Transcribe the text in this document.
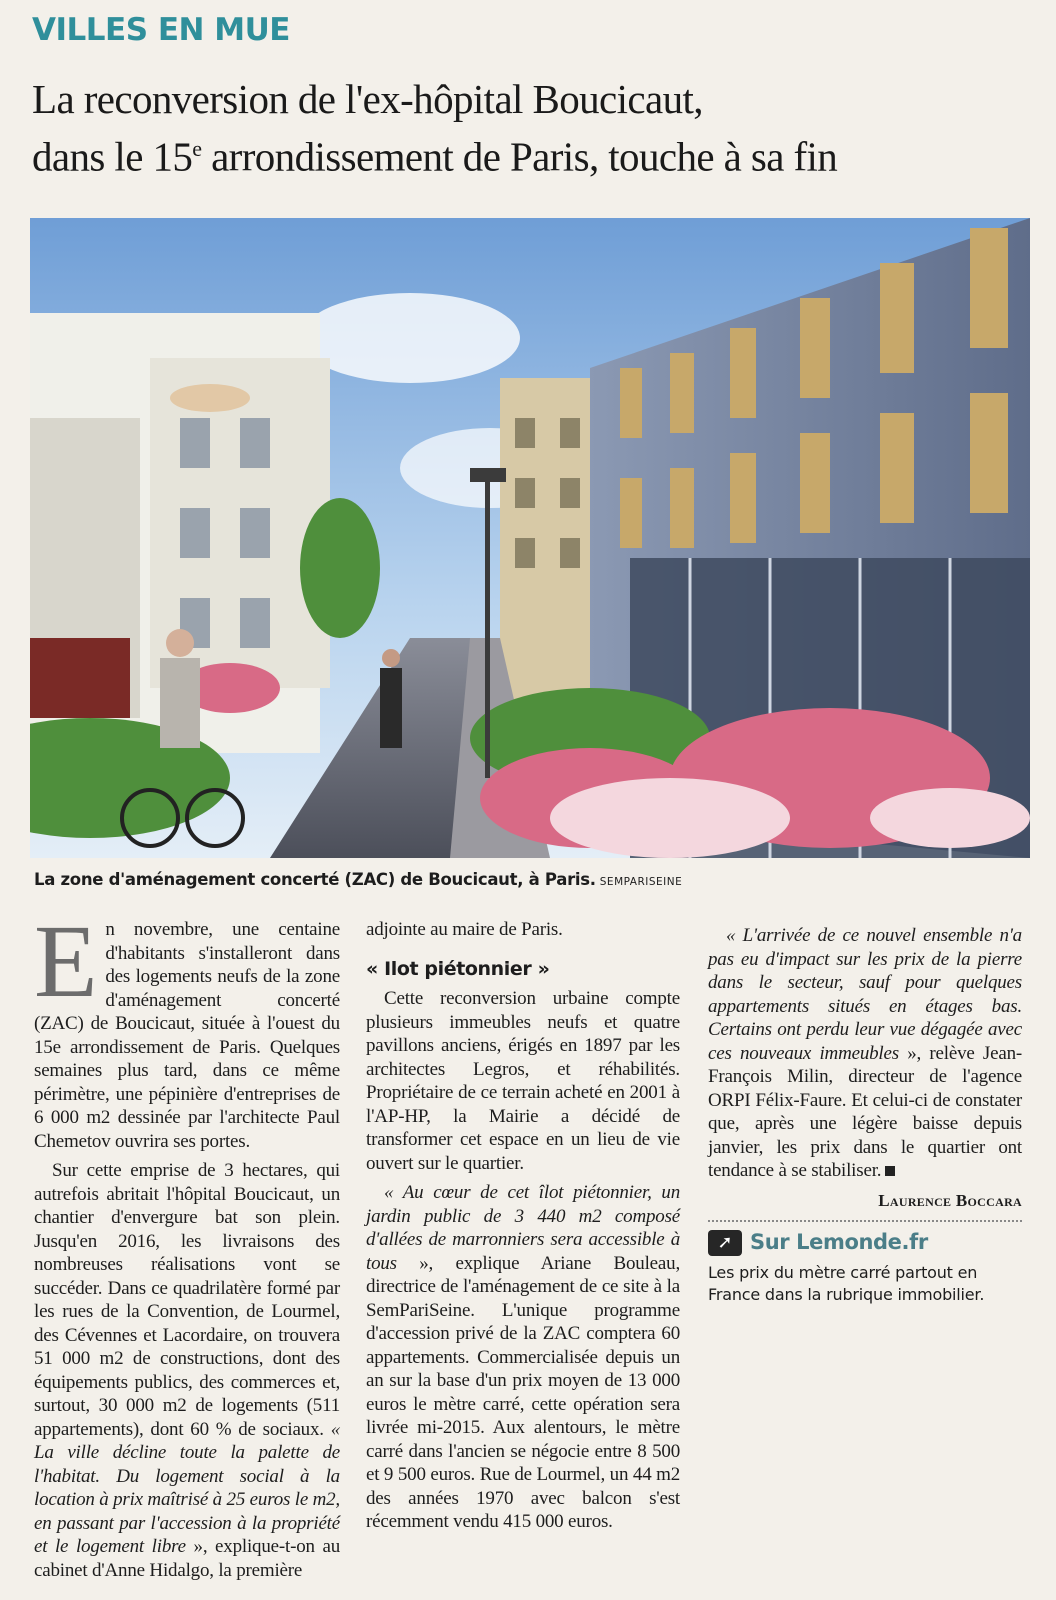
VILLES EN MUE
La reconversion de l'ex-hôpital Boucicaut,
dans le 15e arrondissement de Paris, touche à sa fin
La zone d'aménagement concerté (ZAC) de Boucicaut, à Paris. SEMPARISEINE

En novembre, une centaine d'habitants s'installeront dans des logements neufs de la zone d'aménagement concerté (ZAC) de Boucicaut, située à l'ouest du 15e arrondissement de Paris. Quelques semaines plus tard, dans ce même périmètre, une pépinière d'entreprises de 6 000 m2 dessinée par l'architecte Paul Chemetov ouvrira ses portes.

Sur cette emprise de 3 hectares, qui autrefois abritait l'hôpital Boucicaut, un chantier d'envergure bat son plein. Jusqu'en 2016, les livraisons des nombreuses réalisations vont se succéder. Dans ce quadrilatère formé par les rues de la Convention, de Lourmel, des Cévennes et Lacordaire, on trouvera 51 000 m2 de constructions, dont des équipements publics, des commerces et, surtout, 30 000 m2 de logements (511 appartements), dont 60 % de sociaux. « La ville décline toute la palette de l'habitat. Du logement social à la location à prix maîtrisé à 25 euros le m2, en passant par l'accession à la propriété et le logement libre », explique-t-on au cabinet d'Anne Hidalgo, la première

adjointe au maire de Paris.

« Ilot piétonnier »

Cette reconversion urbaine compte plusieurs immeubles neufs et quatre pavillons anciens, érigés en 1897 par les architectes Legros, et réhabilités. Propriétaire de ce terrain acheté en 2001 à l'AP-HP, la Mairie a décidé de transformer cet espace en un lieu de vie ouvert sur le quartier.

« Au cœur de cet îlot piétonnier, un jardin public de 3 440 m2 composé d'allées de marronniers sera accessible à tous », explique Ariane Bouleau, directrice de l'aménagement de ce site à la SemPariSeine. L'unique programme d'accession privé de la ZAC comptera 60 appartements. Commercialisée depuis un an sur la base d'un prix moyen de 13 000 euros le mètre carré, cette opération sera livrée mi-2015. Aux alentours, le mètre carré dans l'ancien se négocie entre 8 500 et 9 500 euros. Rue de Lourmel, un 44 m2 des années 1970 avec balcon s'est récemment vendu 415 000 euros.

« L'arrivée de ce nouvel ensemble n'a pas eu d'impact sur les prix de la pierre dans le secteur, sauf pour quelques appartements situés en étages bas. Certains ont perdu leur vue dégagée avec ces nouveaux immeubles », relève Jean-François Milin, directeur de l'agence ORPI Félix-Faure. Et celui-ci de constater que, après une légère baisse depuis janvier, les prix dans le quartier ont tendance à se stabiliser.

Laurence Boccara
➚ Sur Lemonde.fr
Les prix du mètre carré partout en France dans la rubrique immobilier.
